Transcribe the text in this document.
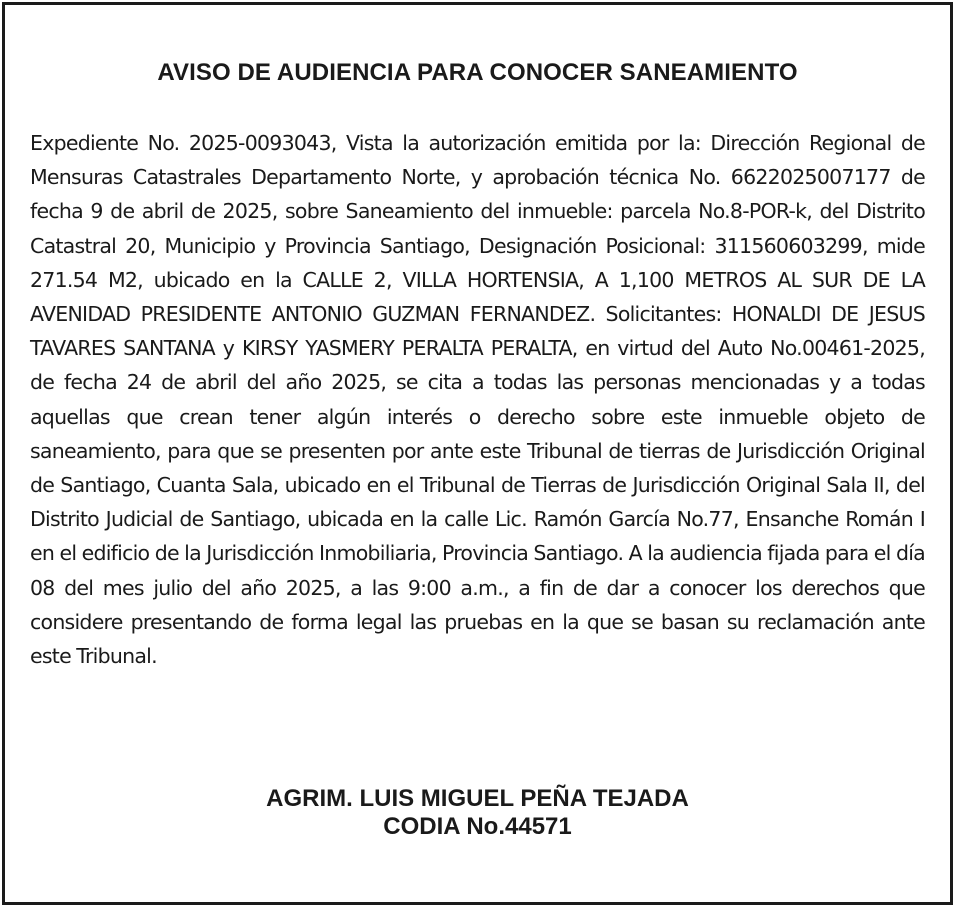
AVISO DE AUDIENCIA PARA CONOCER SANEAMIENTO

Expediente No. 2025-0093043, Vista la autorización emitida por la: Dirección Regional de Mensuras Catastrales Departamento Norte, y aprobación técnica No. 6622025007177 de fecha 9 de abril de 2025, sobre Saneamiento del inmueble: parcela No.8-POR-k, del Distrito Catastral 20, Municipio y Provincia Santiago, Designación Posicional: 311560603299, mide 271.54 M2, ubicado en la CALLE 2, VILLA HORTENSIA, A 1,100 METROS AL SUR DE LA AVENIDAD PRESIDENTE ANTONIO GUZMAN FERNANDEZ. Solicitantes: HONALDI DE JESUS TAVARES SANTANA y KIRSY YASMERY PERALTA PERALTA, en virtud del Auto No.00461-2025, de fecha 24 de abril del año 2025, se cita a todas las personas mencionadas y a todas aquellas que crean tener algún interés o derecho sobre este inmueble objeto de saneamiento, para que se presenten por ante este Tribunal de tierras de Jurisdicción Original de Santiago, Cuanta Sala, ubicado en el Tribunal de Tierras de Jurisdicción Original Sala II, del Distrito Judicial de Santiago, ubicada en la calle Lic. Ramón García No.77, Ensanche Román I en el edificio de la Jurisdicción Inmobiliaria, Provincia Santiago. A la audiencia fijada para el día 08 del mes julio del año 2025, a las 9:00 a.m., a fin de dar a conocer los derechos que considere presentando de forma legal las pruebas en la que se basan su reclamación ante este Tribunal.

AGRIM. LUIS MIGUEL PEÑA TEJADA
CODIA No.44571
